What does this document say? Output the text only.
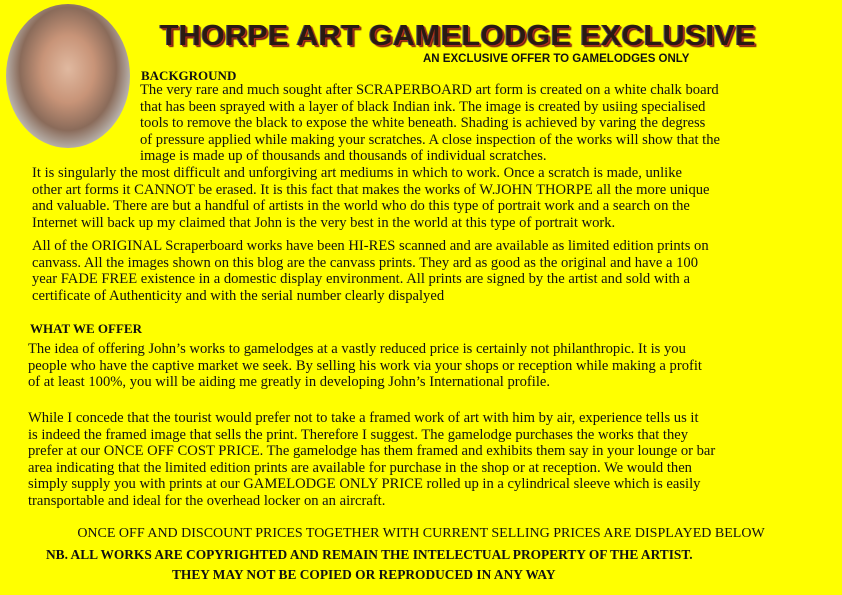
THORPE ART GAMELODGE EXCLUSIVE
AN EXCLUSIVE OFFER TO GAMELODGES ONLY
BACKGROUND
The very rare and much sought after SCRAPERBOARD art form is created on a white chalk board
that has been sprayed with a layer of black Indian ink. The image is created by usiing specialised
tools to remove the black to expose the white beneath. Shading is achieved by varing the degress
of pressure applied while making your scratches. A close inspection of the works will show that the
image is made up of thousands and thousands of individual scratches.
It is singularly the most difficult and unforgiving art mediums in which to work. Once a scratch is made, unlike
other art forms it CANNOT be erased. It is this fact that makes the works of W.JOHN THORPE all the more unique
and valuable. There are but a handful of artists in the world who do this type of portrait work and a search on the
Internet will back up my claimed that John is the very best in the world at this type of portrait work.
All of the ORIGINAL Scraperboard works have been HI-RES scanned and are available as limited edition prints on
canvass. All the images shown on this blog are the canvass prints. They ard as good as the original and have a 100
year FADE FREE existence in a domestic display environment. All prints are signed by the artist and sold with a
certificate of Authenticity and with the serial number clearly dispalyed
The idea of offering John’s works to gamelodges at a vastly reduced price is certainly not philanthropic. It is you
people who have the captive market we seek. By selling his work via your shops or reception while making a profit
of at least 100%, you will be aiding me greatly in developing John’s International profile.
While I concede that the tourist would prefer not to take a framed work of art with him by air, experience tells us it
is indeed the framed image that sells the print. Therefore I suggest. The gamelodge purchases the works that they
prefer at our ONCE OFF COST PRICE. The gamelodge has them framed and exhibits them say in your lounge or bar
area indicating that the limited edition prints are available for purchase in the shop or at reception. We would then
simply supply you with prints at our GAMELODGE ONLY PRICE rolled up in a cylindrical sleeve which is easily
transportable and ideal for the overhead locker on an aircraft.
WHAT WE OFFER
ONCE OFF AND DISCOUNT PRICES TOGETHER WITH CURRENT SELLING PRICES ARE DISPLAYED BELOW
NB. ALL WORKS ARE COPYRIGHTED AND REMAIN THE INTELECTUAL PROPERTY OF THE ARTIST.
THEY MAY NOT BE COPIED OR REPRODUCED IN ANY WAY
